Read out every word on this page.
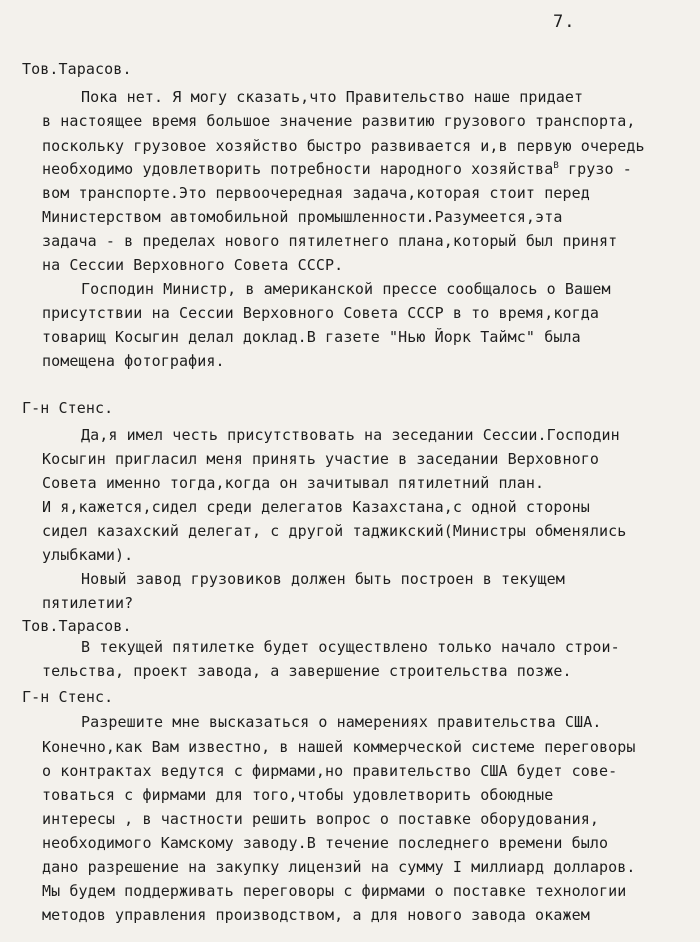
7.
Тов.Тарасов.
Пока нет. Я могу сказать,что Правительство наше придает
в настоящее время большое значение развитию грузового транспорта,
поскольку грузовое хозяйство быстро развивается и,в первую очередь
необходимо удовлетворить потребности народного хозяйства$^В$ грузо -
вом транспорте.Это первоочередная задача,которая стоит перед
Министерством автомобильной промышленности.Разумеется,эта
задача - в пределах нового пятилетнего плана,который был принят
на Сессии Верховного Совета СССР.
Господин Министр, в американской прессе сообщалось о Вашем
присутствии на Сессии Верховного Совета СССР в то время,когда
товарищ Косыгин делал доклад.В газете "Нью Йорк Таймс" была
помещена фотография.
Г-н Стенс.
Да,я имел честь присутствовать на зеседании Сессии.Господин
Косыгин пригласил меня принять участие в заседании Верховного
Совета именно тогда,когда он зачитывал пятилетний план.
И я,кажется,сидел среди делегатов Казахстана,с одной стороны
сидел казахский делегат, с другой таджикский(Министры обменялись
улыбками).
Новый завод грузовиков должен быть построен в текущем
пятилетии?
Тов.Тарасов.
В текущей пятилетке будет осуществлено только начало строи-
тельства, проект завода, а завершение строительства позже.
Г-н Стенс.
Разрешите мне высказаться о намерениях правительства США.
Конечно,как Вам известно, в нашей коммерческой системе переговоры
о контрактах ведутся с фирмами,но правительство США будет сове-
товаться с фирмами для того,чтобы удовлетворить обоюдные
интересы , в частности решить вопрос о поставке оборудования,
необходимого Камскому заводу.В течение последнего времени было
дано разрешение на закупку лицензий на сумму I миллиард долларов.
Мы будем поддерживать переговоры с фирмами о поставке технологии
методов управления производством, а для нового завода окажем
